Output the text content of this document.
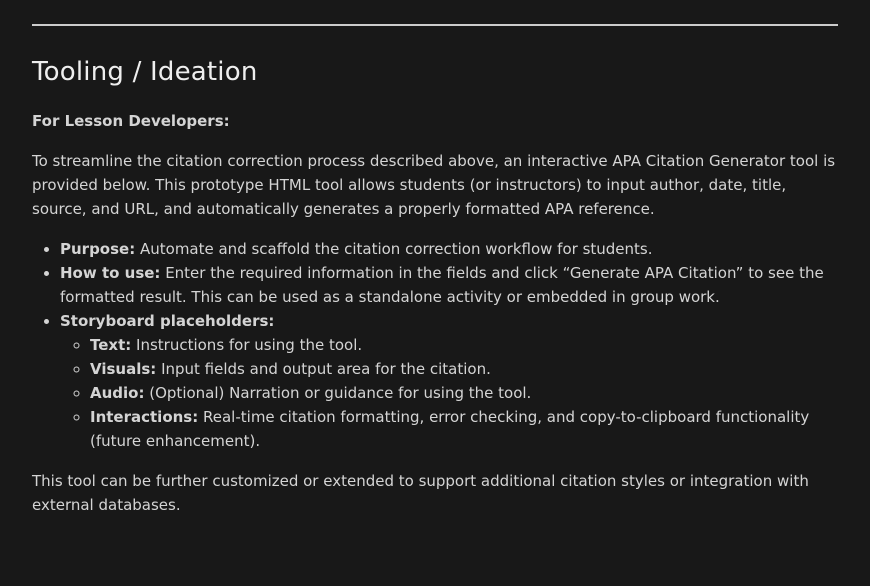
Tooling / Ideation

For Lesson Developers:

To streamline the citation correction process described above, an interactive APA Citation Generator tool is provided below. This prototype HTML tool allows students (or instructors) to input author, date, title, source, and URL, and automatically generates a properly formatted APA reference.

• Purpose: Automate and scaffold the citation correction workflow for students.
• How to use: Enter the required information in the fields and click “Generate APA Citation” to see the formatted result. This can be used as a standalone activity or embedded in group work.
• Storyboard placeholders:
◦ Text: Instructions for using the tool.
◦ Visuals: Input fields and output area for the citation.
◦ Audio: (Optional) Narration or guidance for using the tool.
◦ Interactions: Real-time citation formatting, error checking, and copy-to-clipboard functionality (future enhancement).

This tool can be further customized or extended to support additional citation styles or integration with external databases.
